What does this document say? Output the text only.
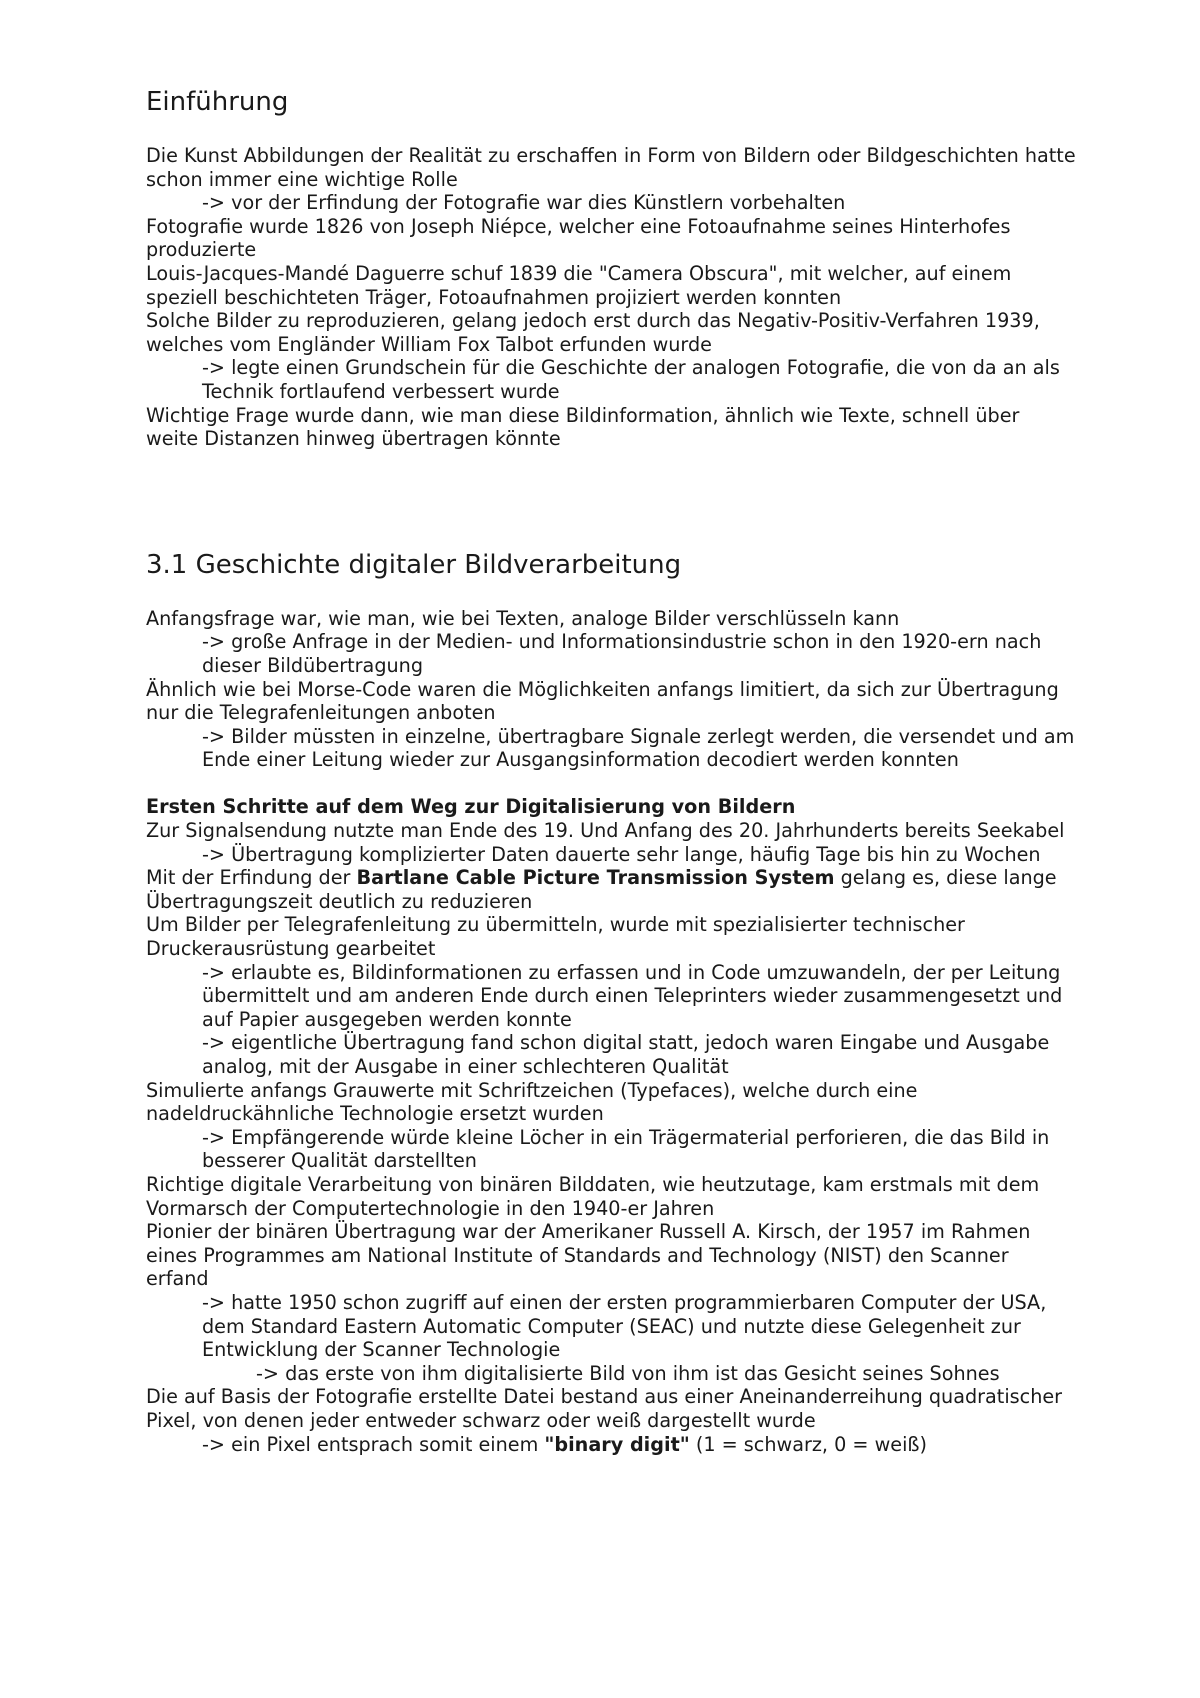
Einführung

Die Kunst Abbildungen der Realität zu erschaffen in Form von Bildern oder Bildgeschichten hatte schon immer eine wichtige Rolle

-> vor der Erfindung der Fotografie war dies Künstlern vorbehalten

Fotografie wurde 1826 von Joseph Niépce, welcher eine Fotoaufnahme seines Hinterhofes produzierte

Louis-Jacques-Mandé Daguerre schuf 1839 die "Camera Obscura", mit welcher, auf einem speziell beschichteten Träger, Fotoaufnahmen projiziert werden konnten

Solche Bilder zu reproduzieren, gelang jedoch erst durch das Negativ-Positiv-Verfahren 1939, welches vom Engländer William Fox Talbot erfunden wurde

-> legte einen Grundschein für die Geschichte der analogen Fotografie, die von da an als Technik fortlaufend verbessert wurde

Wichtige Frage wurde dann, wie man diese Bildinformation, ähnlich wie Texte, schnell über weite Distanzen hinweg übertragen könnte

3.1 Geschichte digitaler Bildverarbeitung

Anfangsfrage war, wie man, wie bei Texten, analoge Bilder verschlüsseln kann

-> große Anfrage in der Medien- und Informationsindustrie schon in den 1920-ern nach dieser Bildübertragung

Ähnlich wie bei Morse-Code waren die Möglichkeiten anfangs limitiert, da sich zur Übertragung nur die Telegrafenleitungen anboten

-> Bilder müssten in einzelne, übertragbare Signale zerlegt werden, die versendet und am Ende einer Leitung wieder zur Ausgangsinformation decodiert werden konnten

Ersten Schritte auf dem Weg zur Digitalisierung von Bildern

Zur Signalsendung nutzte man Ende des 19. Und Anfang des 20. Jahrhunderts bereits Seekabel

-> Übertragung komplizierter Daten dauerte sehr lange, häufig Tage bis hin zu Wochen

Mit der Erfindung der Bartlane Cable Picture Transmission System gelang es, diese lange Übertragungszeit deutlich zu reduzieren

Um Bilder per Telegrafenleitung zu übermitteln, wurde mit spezialisierter technischer Druckerausrüstung gearbeitet

-> erlaubte es, Bildinformationen zu erfassen und in Code umzuwandeln, der per Leitung übermittelt und am anderen Ende durch einen Teleprinters wieder zusammengesetzt und auf Papier ausgegeben werden konnte

-> eigentliche Übertragung fand schon digital statt, jedoch waren Eingabe und Ausgabe analog, mit der Ausgabe in einer schlechteren Qualität

Simulierte anfangs Grauwerte mit Schriftzeichen (Typefaces), welche durch eine nadeldruckähnliche Technologie ersetzt wurden

-> Empfängerende würde kleine Löcher in ein Trägermaterial perforieren, die das Bild in besserer Qualität darstellten

Richtige digitale Verarbeitung von binären Bilddaten, wie heutzutage, kam erstmals mit dem Vormarsch der Computertechnologie in den 1940-er Jahren

Pionier der binären Übertragung war der Amerikaner Russell A. Kirsch, der 1957 im Rahmen eines Programmes am National Institute of Standards and Technology (NIST) den Scanner erfand

-> hatte 1950 schon zugriff auf einen der ersten programmierbaren Computer der USA, dem Standard Eastern Automatic Computer (SEAC) und nutzte diese Gelegenheit zur Entwicklung der Scanner Technologie

-> das erste von ihm digitalisierte Bild von ihm ist das Gesicht seines Sohnes

Die auf Basis der Fotografie erstellte Datei bestand aus einer Aneinanderreihung quadratischer Pixel, von denen jeder entweder schwarz oder weiß dargestellt wurde

-> ein Pixel entsprach somit einem "binary digit" (1 = schwarz, 0 = weiß)
